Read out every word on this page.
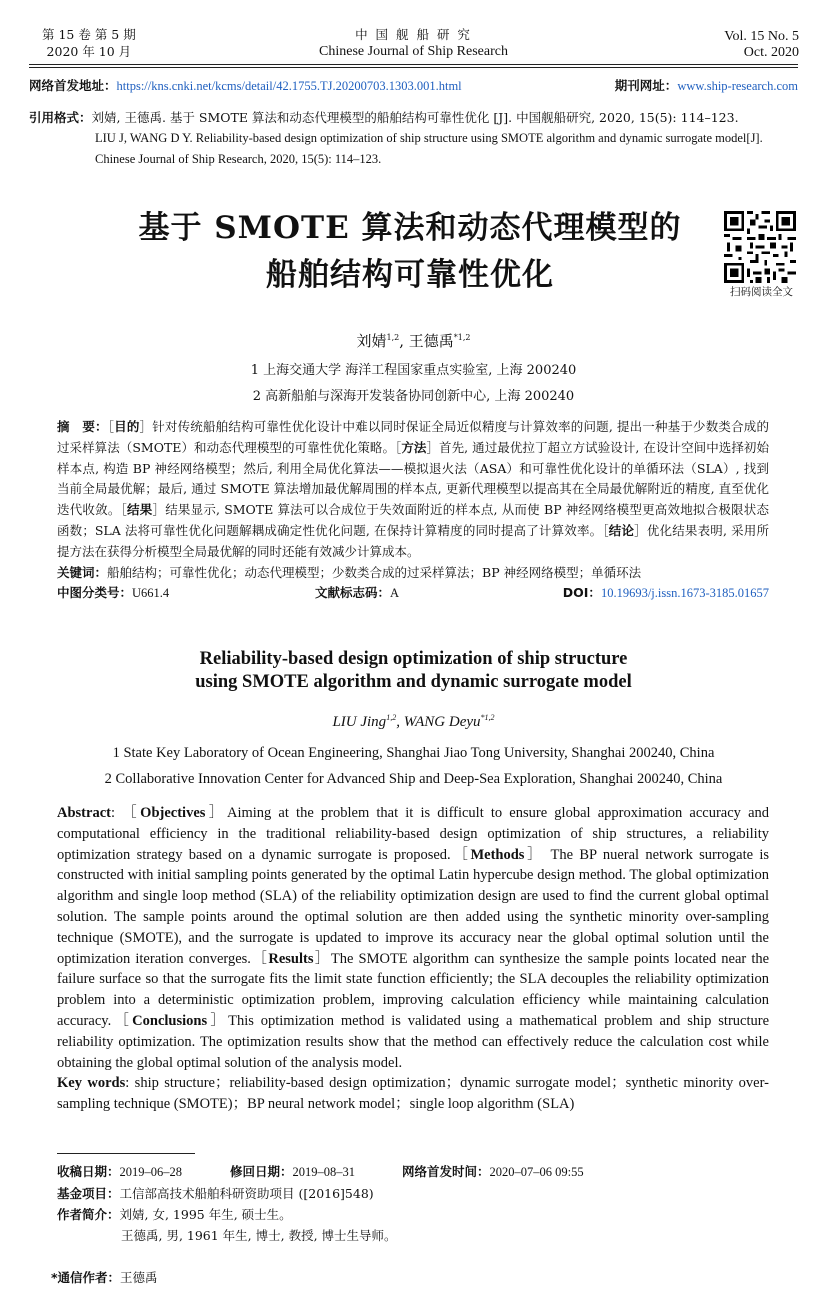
第 15 卷 第 5 期
2020 年 10 月
中 国 舰 船 研 究
Chinese Journal of Ship Research
Vol. 15 No. 5
Oct. 2020
网络首发地址：https://kns.cnki.net/kcms/detail/42.1755.TJ.20200703.1303.001.html	期刊网址：www.ship-research.com

引用格式：刘婧, 王德禹. 基于 SMOTE 算法和动态代理模型的船舶结构可靠性优化 [J]. 中国舰船研究, 2020, 15(5): 114–123.

LIU J, WANG D Y. Reliability-based design optimization of ship structure using SMOTE algorithm and dynamic surrogate model[J]. Chinese Journal of Ship Research, 2020, 15(5): 114–123.

基于 SMOTE 算法和动态代理模型的
船舶结构可靠性优化	扫码阅读全文
刘婧$^{1,2}$, 王德禹$^{*1,2}$
1 上海交通大学 海洋工程国家重点实验室, 上海 200240
2 高新船舶与深海开发装备协同创新中心, 上海 200240

摘　要：［目的］针对传统船舶结构可靠性优化设计中难以同时保证全局近似精度与计算效率的问题, 提出一种基于少数类合成的过采样算法（SMOTE）和动态代理模型的可靠性优化策略。［方法］首先, 通过最优拉丁超立方试验设计, 在设计空间中选择初始样本点, 构造 BP 神经网络模型；然后, 利用全局优化算法——模拟退火法（ASA）和可靠性优化设计的单循环法（SLA）, 找到当前全局最优解；最后, 通过 SMOTE 算法增加最优解周围的样本点, 更新代理模型以提高其在全局最优解附近的精度, 直至优化迭代收敛。［结果］结果显示, SMOTE 算法可以合成位于失效面附近的样本点, 从而使 BP 神经网络模型更高效地拟合极限状态函数；SLA 法将可靠性优化问题解耦成确定性优化问题, 在保持计算精度的同时提高了计算效率。［结论］优化结果表明, 采用所提方法在获得分析模型全局最优解的同时还能有效减少计算成本。

关键词：船舶结构；可靠性优化；动态代理模型；少数类合成的过采样算法；BP 神经网络模型；单循环法

中图分类号：U661.4	文献标志码：A	DOI：10.19693/j.issn.1673-3185.01657

Reliability-based design optimization of ship structure
using SMOTE algorithm and dynamic surrogate model
LIU Jing$^{1,2}$, WANG Deyu$^{*1,2}$
1 State Key Laboratory of Ocean Engineering, Shanghai Jiao Tong University, Shanghai 200240, China
2 Collaborative Innovation Center for Advanced Ship and Deep-Sea Exploration, Shanghai 200240, China

Abstract: ［Objectives］Aiming at the problem that it is difficult to ensure global approximation accuracy and computational efficiency in the traditional reliability-based design optimization of ship structures, a reliability optimization strategy based on a dynamic surrogate is proposed.［Methods］ The BP nueral network surrogate is constructed with initial sampling points generated by the optimal Latin hypercube design method. The global optimization algorithm and single loop method (SLA) of the reliability optimization design are used to find the current global optimal solution. The sample points around the optimal solution are then added using the synthetic minority over-sampling technique (SMOTE), and the surrogate is updated to improve its accuracy near the global optimal solution until the optimization iteration converges.［Results］The SMOTE algorithm can synthesize the sample points located near the failure surface so that the surrogate fits the limit state function efficiently; the SLA decouples the reliability optimization problem into a deterministic optimization problem, improving calculation efficiency while maintaining calculation accuracy.［Conclusions］This optimization method is validated using a mathematical problem and ship structure reliability optimization. The optimization results show that the method can effectively reduce the calculation cost while obtaining the global optimal solution of the analysis model.

Key words: ship structure；reliability-based design optimization；dynamic surrogate model；synthetic minority over-sampling technique (SMOTE)；BP neural network model；single loop algorithm (SLA)

收稿日期：2019–06–28	修回日期：2019–08–31	网络首发时间：2020–07–06 09:55

基金项目：工信部高技术船舶科研资助项目 ([2016]548)

作者简介：刘婧, 女, 1995 年生, 硕士生。

王德禹, 男, 1961 年生, 博士, 教授, 博士生导师。

*通信作者：王德禹
